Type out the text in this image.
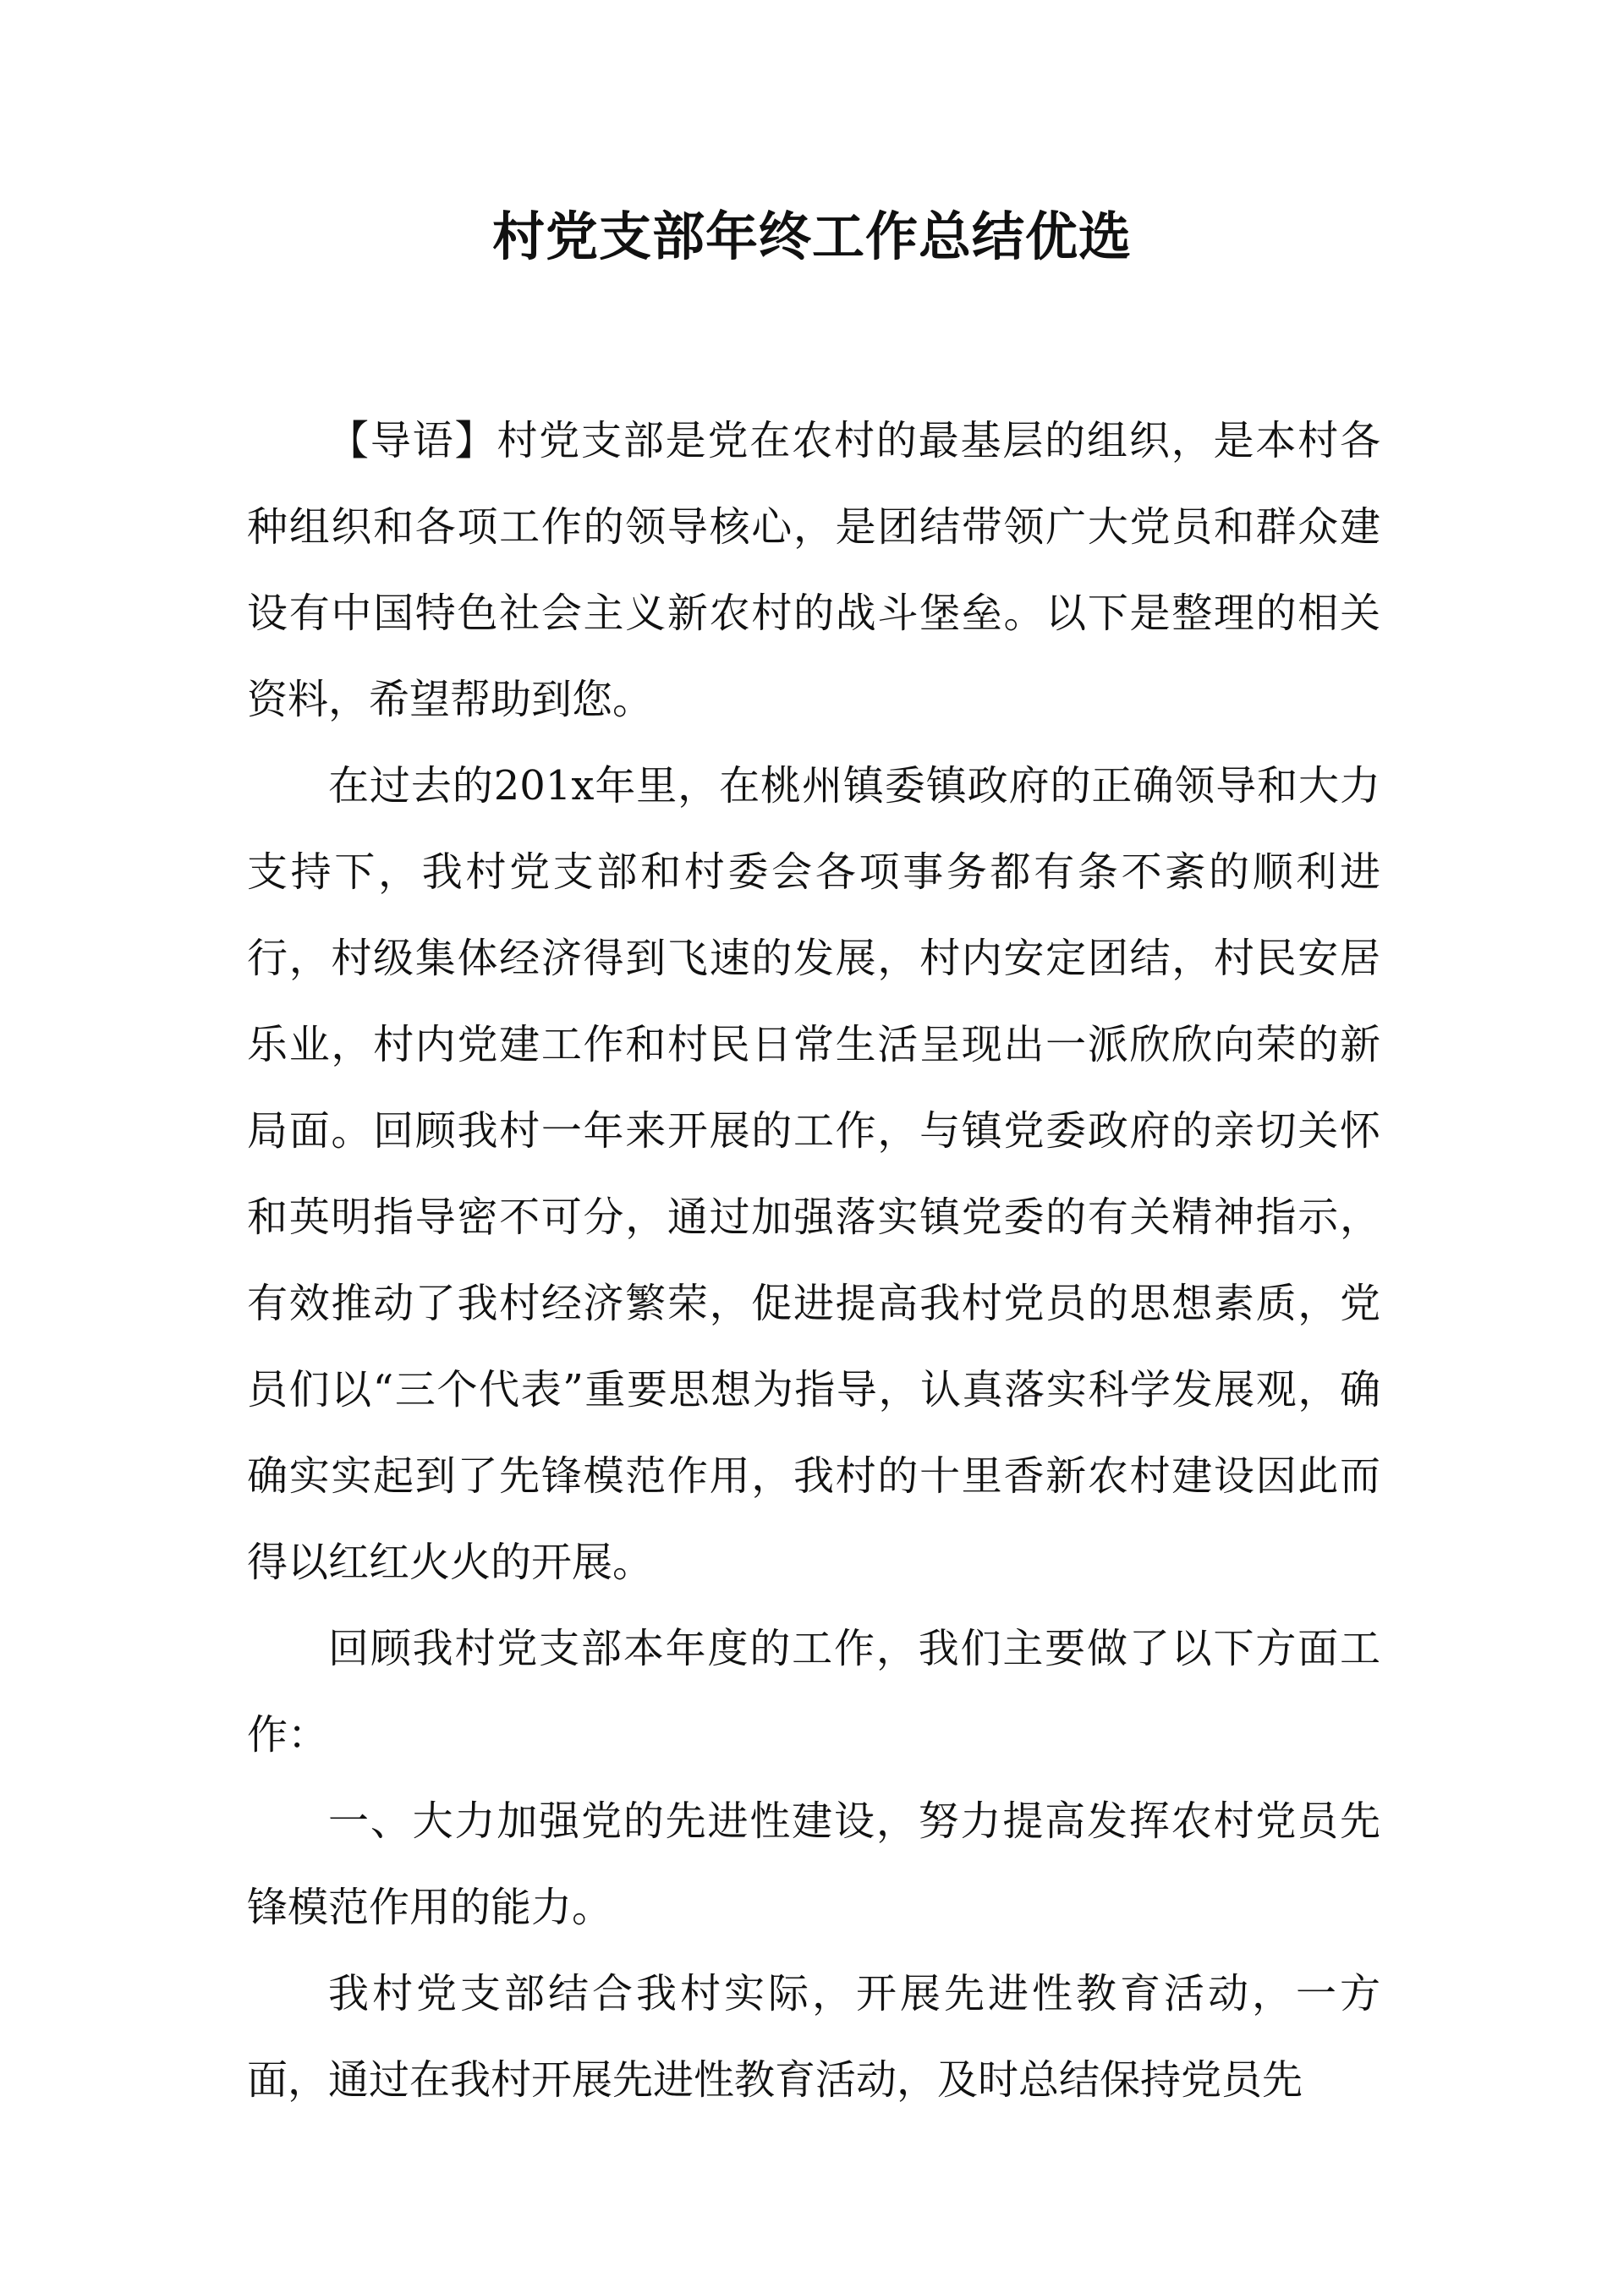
村党支部年终工作总结优选

【导语】村党支部是党在农村的最基层的组织，是本村各种组织和各项工作的领导核心，是团结带领广大党员和群众建设有中国特色社会主义新农村的战斗堡垒。以下是整理的相关资料，希望帮助到您。

在过去的201x年里，在桃州镇委镇政府的正确领导和大力支持下，我村党支部和村委会各项事务都有条不紊的顺利进行，村级集体经济得到飞速的发展，村内安定团结，村民安居乐业，村内党建工作和村民日常生活呈现出一派欣欣向荣的新局面。回顾我村一年来开展的工作，与镇党委政府的亲切关怀和英明指导密不可分，通过加强落实镇党委的有关精神指示，有效推动了我村经济繁荣，促进提高我村党员的思想素质，党员们以“三个代表”重要思想为指导，认真落实科学发展观，确确实实起到了先锋模范作用，我村的十里香新农村建设因此而得以红红火火的开展。

回顾我村党支部本年度的工作，我们主要做了以下方面工作：

一、大力加强党的先进性建设，努力提高发挥农村党员先锋模范作用的能力。

我村党支部结合我村实际，开展先进性教育活动，一方面，通过在我村开展先进性教育活动，及时总结保持党员先
